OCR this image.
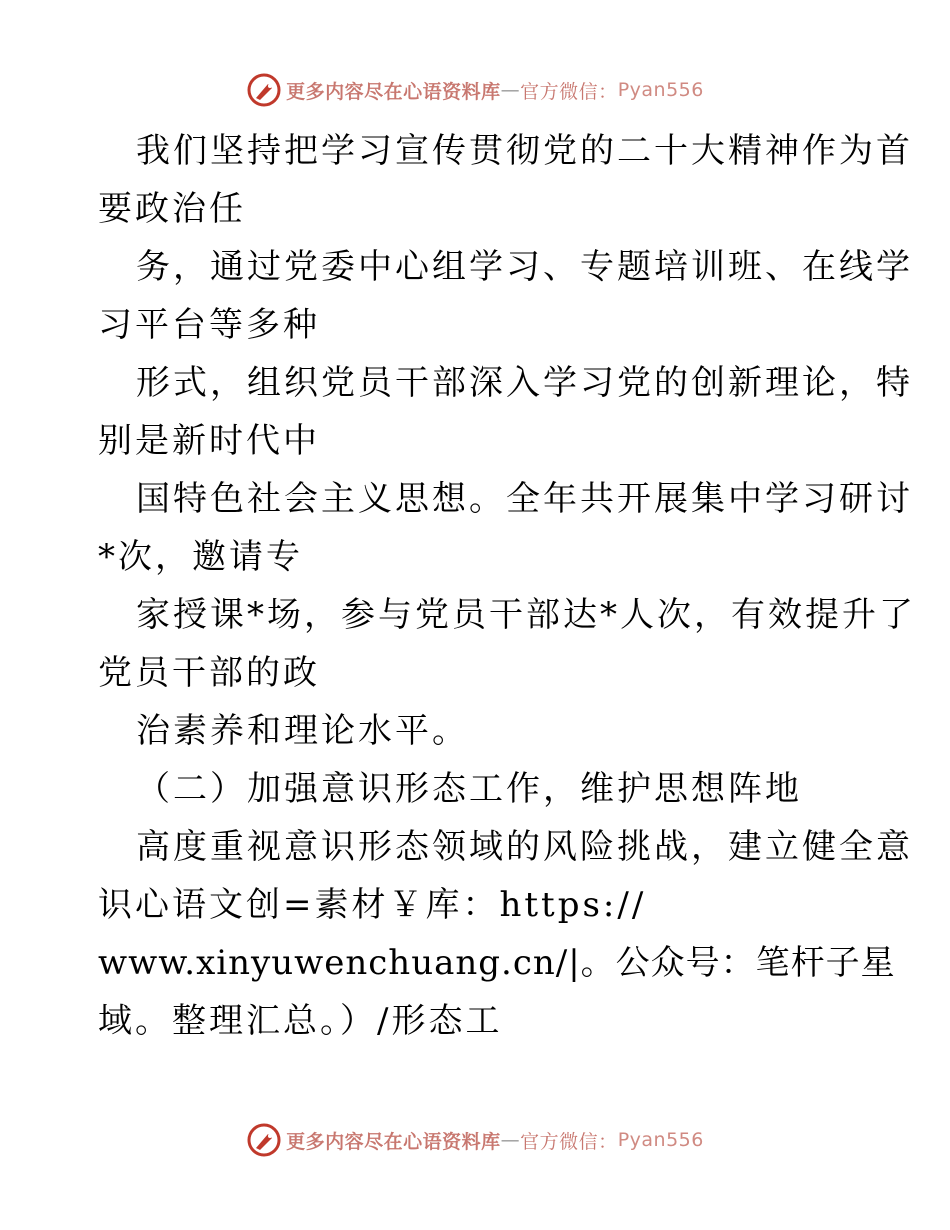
更多内容尽在心语资料库 — 官方微信： Pyan556
我们坚持把学习宣传贯彻党的二十大精神作为首
要政治任
务，通过党委中心组学习、专题培训班、在线学
习平台等多种
形式，组织党员干部深入学习党的创新理论，特
别是新时代中
国特色社会主义思想。全年共开展集中学习研讨
*次，邀请专
家授课*场，参与党员干部达*人次，有效提升了
党员干部的政
治素养和理论水平。
（二）加强意识形态工作，维护思想阵地
高度重视意识形态领域的风险挑战，建立健全意
识心语文创=素材￥库：https://
www.xinyuwenchuang.cn/|。公众号：笔杆子星
域。整理汇总。）/形态工
更多内容尽在心语资料库 — 官方微信： Pyan556
